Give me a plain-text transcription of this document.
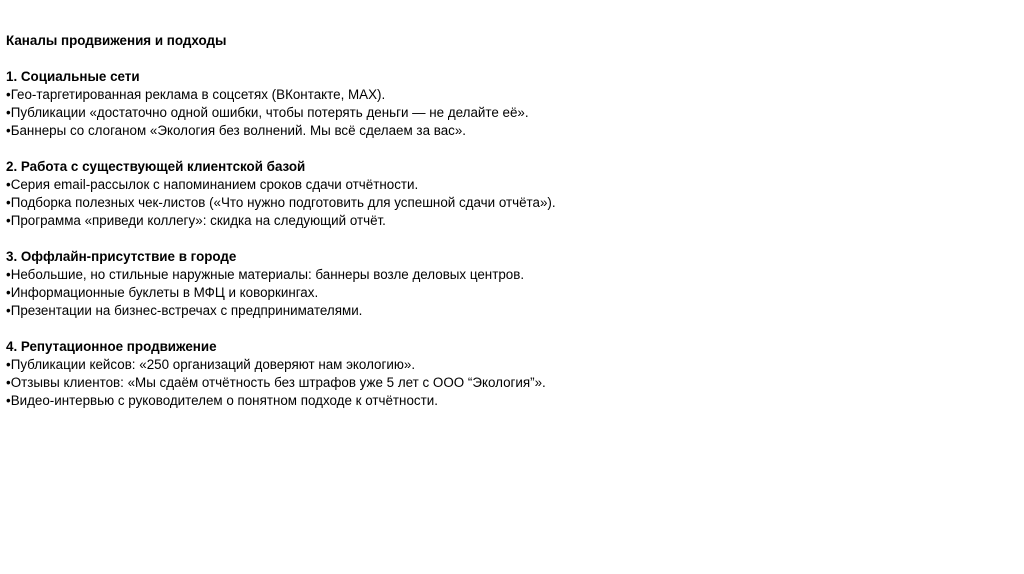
Каналы продвижения и подходы
1. Социальные сети
•Гео-таргетированная реклама в соцсетях (ВКонтакте, MAX).
•Публикации «достаточно одной ошибки, чтобы потерять деньги — не делайте её».
•Баннеры со слоганом «Экология без волнений. Мы всё сделаем за вас».
2. Работа с существующей клиентской базой
•Серия email-рассылок с напоминанием сроков сдачи отчётности.
•Подборка полезных чек-листов («Что нужно подготовить для успешной сдачи отчёта»).
•Программа «приведи коллегу»: скидка на следующий отчёт.
3. Оффлайн-присутствие в городе
•Небольшие, но стильные наружные материалы: баннеры возле деловых центров.
•Информационные буклеты в МФЦ и коворкингах.
•Презентации на бизнес-встречах с предпринимателями.
4. Репутационное продвижение
•Публикации кейсов: «250 организаций доверяют нам экологию».
•Отзывы клиентов: «Мы сдаём отчётность без штрафов уже 5 лет с ООО “Экология”».
•Видео-интервью с руководителем о понятном подходе к отчётности.
